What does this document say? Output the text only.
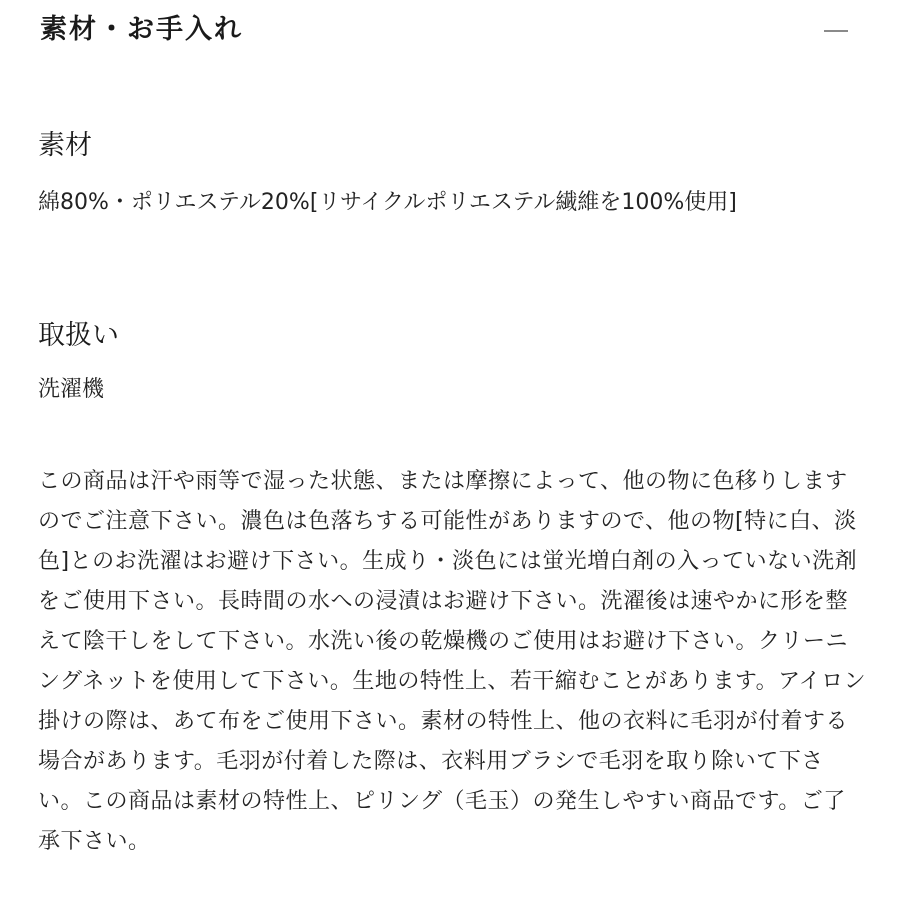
素材・お手入れ
素材

綿80%・ポリエステル20%[リサイクルポリエステル繊維を100%使用]

取扱い

洗濯機

この商品は汗や雨等で湿った状態、または摩擦によって、他の物に色移りしますのでご注意下さい。濃色は色落ちする可能性がありますので、他の物[特に白、淡色]とのお洗濯はお避け下さい。生成り・淡色には蛍光増白剤の入っていない洗剤をご使用下さい。長時間の水への浸漬はお避け下さい。洗濯後は速やかに形を整えて陰干しをして下さい。水洗い後の乾燥機のご使用はお避け下さい。クリーニングネットを使用して下さい。生地の特性上、若干縮むことがあります。アイロン掛けの際は、あて布をご使用下さい。素材の特性上、他の衣料に毛羽が付着する場合があります。毛羽が付着した際は、衣料用ブラシで毛羽を取り除いて下さい。この商品は素材の特性上、ピリング（毛玉）の発生しやすい商品です。ご了承下さい。
